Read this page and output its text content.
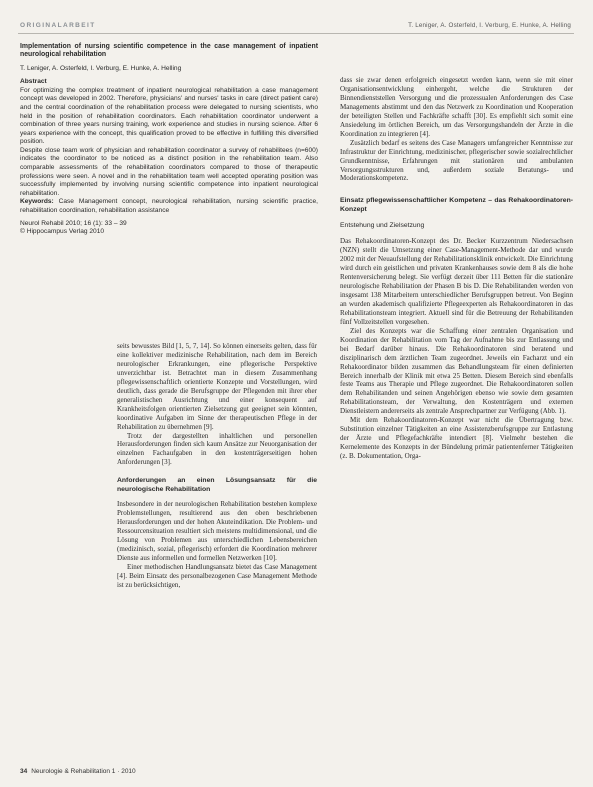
ORIGINALARBEIT	T. Leniger, A. Osterfeld, I. Verburg, E. Hunke, A. Helling
Implementation of nursing scientific competence in the case management of inpatient neurological rehabilitation
T. Leniger, A. Osterfeld, I. Verburg, E. Hunke, A. Helling
Abstract

For optimizing the complex treatment of inpatient neurological rehabilitation a case management concept was developed in 2002. Therefore, physicians' and nurses' tasks in care (direct patient care) and the central coordination of the rehabilitation process were delegated to nursing scientists, who held in the position of rehabilitation coordinators. Each rehabilitation coordinator underwent a combination of three years nursing training, work experience and studies in nursing science. After 6 years experience with the concept, this qualification proved to be effective in fulfilling this diversified position.

Despite close team work of physician and rehabilitation coordinator a survey of rehabilitees (n=600) indicates the coordinator to be noticed as a distinct position in the rehabilitation team. Also comparable assessments of the rehabilitation coordinators compared to those of therapeutic professions were seen. A novel and in the rehabilitation team well accepted operating position was successfully implemented by involving nursing scientific competence into inpatient neurological rehabilitation.

Keywords: Case Management concept, neurological rehabilitation, nursing scientific practice, rehabilitation coordination, rehabilitation assistance

Neurol Rehabil 2010; 16 (1): 33 – 39
© Hippocampus Verlag 2010

dass sie zwar denen erfolgreich eingesetzt werden kann, wenn sie mit einer Organisationsentwicklung einhergeht, welche die Strukturen der Binnendienststellen Versorgung und die prozessualen Anforderungen des Case Managements abstimmt und den das Netzwerk zu Koordination und Kooperation der beteiligten Stellen und Fachkräfte schafft [30]. Es empfiehlt sich somit eine Ansiedelung im örtlichen Bereich, um das Versorgungshandeln der Ärzte in die Koordination zu integrieren [4].

Zusätzlich bedarf es seitens des Case Managers umfangreicher Kenntnisse zur Infrastruktur der Einrichtung, medizinischer, pflegerischer sowie sozialrechtlicher Grundkenntnisse, Erfahrungen mit stationären und ambulanten Versorgungsstrukturen und, außerdem soziale Beratungs- und Moderationskompetenz.

Einsatz pflegewissenschaftlicher Kompetenz – das Rehakoordinatoren-Konzept
Entstehung und Zielsetzung

Das Rehakoordinatoren-Konzept des Dr. Becker Kurzzentrum Niedersachsen (NZN) stellt die Umsetzung einer Case-Management-Methode dar und wurde 2002 mit der Neuaufstellung der Rehabilitationsklinik entwickelt. Die Einrichtung wird durch ein geistlichen und privaten Krankenhauses sowie dem 8 als die hohe Rentenversicherung belegt. Sie verfügt derzeit über 111 Betten für die stationäre neurologische Rehabilitation der Phasen B bis D. Die Rehabilitanden werden von insgesamt 138 Mitarbeitern unterschiedlicher Berufsgruppen betreut. Von Beginn an wurden akademisch qualifizierte Pflegeexperten als Rehakoordinatoren in das Rehabilitationsteam integriert. Aktuell sind für die Betreuung der Rehabilitanden fünf Vollzeitstellen vorgesehen.

Ziel des Konzepts war die Schaffung einer zentralen Organisation und Koordination der Rehabilitation vom Tag der Aufnahme bis zur Entlassung und bei Bedarf darüber hinaus. Die Rehakoordinatoren sind beratend und disziplinarisch dem ärztlichen Team zugeordnet. Jeweils ein Facharzt und ein Rehakoordinator bilden zusammen das Behandlungsteam für einen definierten Bereich innerhalb der Klinik mit etwa 25 Betten. Diesem Bereich sind ebenfalls feste Teams aus Therapie und Pflege zugeordnet. Die Rehakoordinatoren sollen dem Rehabilitanden und seinen Angehörigen ebenso wie sowie dem gesamten Rehabilitationsteam, der Verwaltung, den Kostenträgern und externen Dienstleistern andererseits als zentrale Ansprechpartner zur Verfügung (Abb. 1).

Mit dem Rehakoordinatoren-Konzept war nicht die Übertragung bzw. Substitution einzelner Tätigkeiten an eine Assistenzberufsgruppe zur Entlastung der Ärzte und Pflegefachkräfte intendiert [8]. Vielmehr bestehen die Kernelemente des Konzepts in der Bündelung primär patientenferner Tätigkeiten (z. B. Dokumentation, Orga-

seits bewusstes Bild [1, 5, 7, 14]. So können einerseits gelten, dass für eine kollektiver medizinische Rehabilitation, nach dem im Bereich neurologischer Erkrankungen, eine pflegerische Perspektive unverzichtbar ist. Betrachtet man in diesem Zusammenhang pflegewissenschaftlich orientierte Konzepte und Vorstellungen, wird deutlich, dass gerade die Berufsgruppe der Pflegenden mit ihrer eher generalistischen Ausrichtung und einer konsequent auf Krankheitsfolgen orientierten Zielsetzung gut geeignet sein könnten, koordinative Aufgaben im Sinne der therapeutischen Pflege in der Rehabilitation zu übernehmen [9].

Trotz der dargestellten inhaltlichen und personellen Herausforderungen finden sich kaum Ansätze zur Neuorganisation der einzelnen Fachaufgaben in den kostenträgerseitigen hohen Anforderungen [3].

Anforderungen an einen Lösungsansatz für die neurologische Rehabilitation

Insbesondere in der neurologischen Rehabilitation bestehen komplexe Problemstellungen, resultierend aus den oben beschriebenen Herausforderungen und der hohen Akuteindikation. Die Problem- und Ressourcensituation resultiert sich meistens multidimensional, und die Lösung von Problemen aus unterschiedlichen Lebensbereichen (medizinisch, sozial, pflegerisch) erfordert die Koordination mehrerer Dienste aus informellen und formellen Netzwerken [10].

Einer methodischen Handlungsansatz bietet das Case Management [4]. Beim Einsatz des personalbezogenen Case Management Methode ist zu berücksichtigen,

34 Neurologie & Rehabilitation 1 · 2010
